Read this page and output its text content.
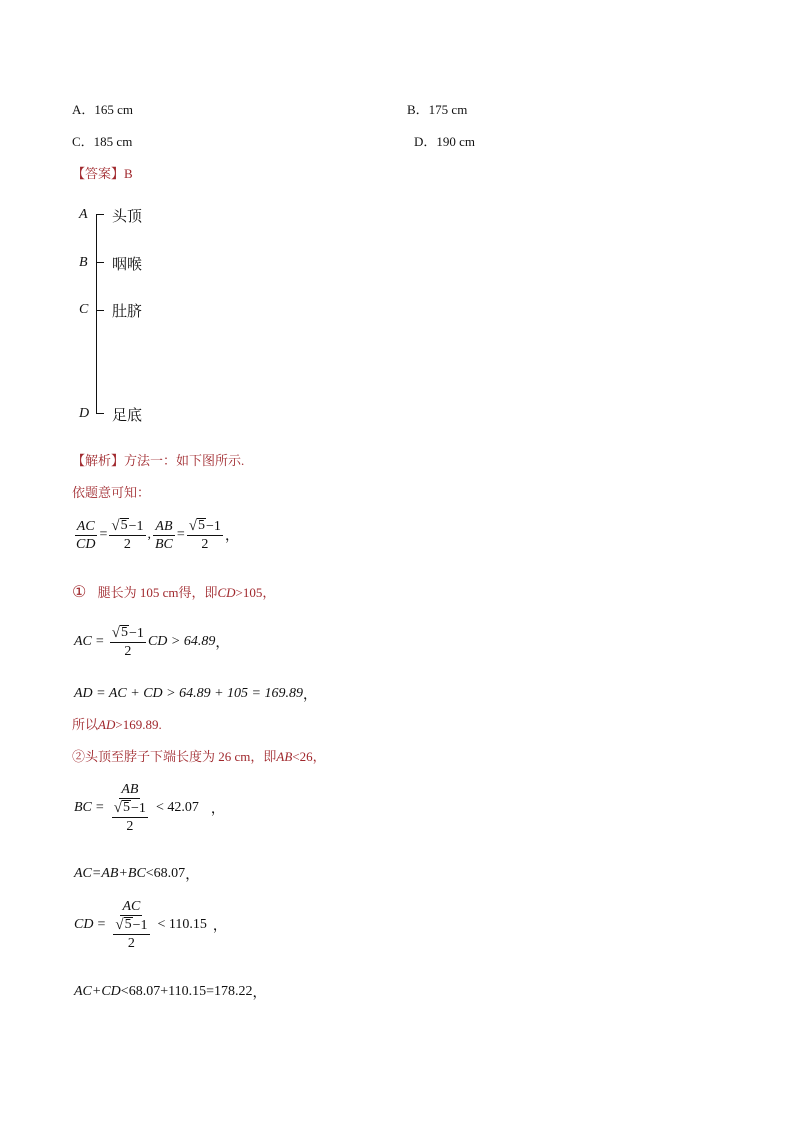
A．165 cm	B．175 cm
C．185 cm	D．190 cm
【答案】B
A
B
C
D
头顶
咽喉
肚脐
足底
【解析】方法一：如下图所示.
依题意可知：
$\frac{AC}{CD} = \frac{√ 5 -1}{2}$ , $\frac{AB}{BC} = \frac{√ 5 -1}{2}$ ，
① 腿长为 105 cm得，即CD>105，
AC = $\frac{√ 5 -1}{2}$ CD > 64.89 ，
AD = AC + CD > 64.89 + 105 = 169.89 ，
所以AD>169.89.
②头顶至脖子下端长度为 26 cm，即AB<26，
BC = $\frac{AB}{\frac{√ 5 -1}{2}} < 42.07$ ，
AC=AB+BC <68.07 ，
CD = $\frac{AC}{\frac{√ 5 -1}{2}} < 110.15$ ，
AC+CD <68.07+110.15=178.22 ，
